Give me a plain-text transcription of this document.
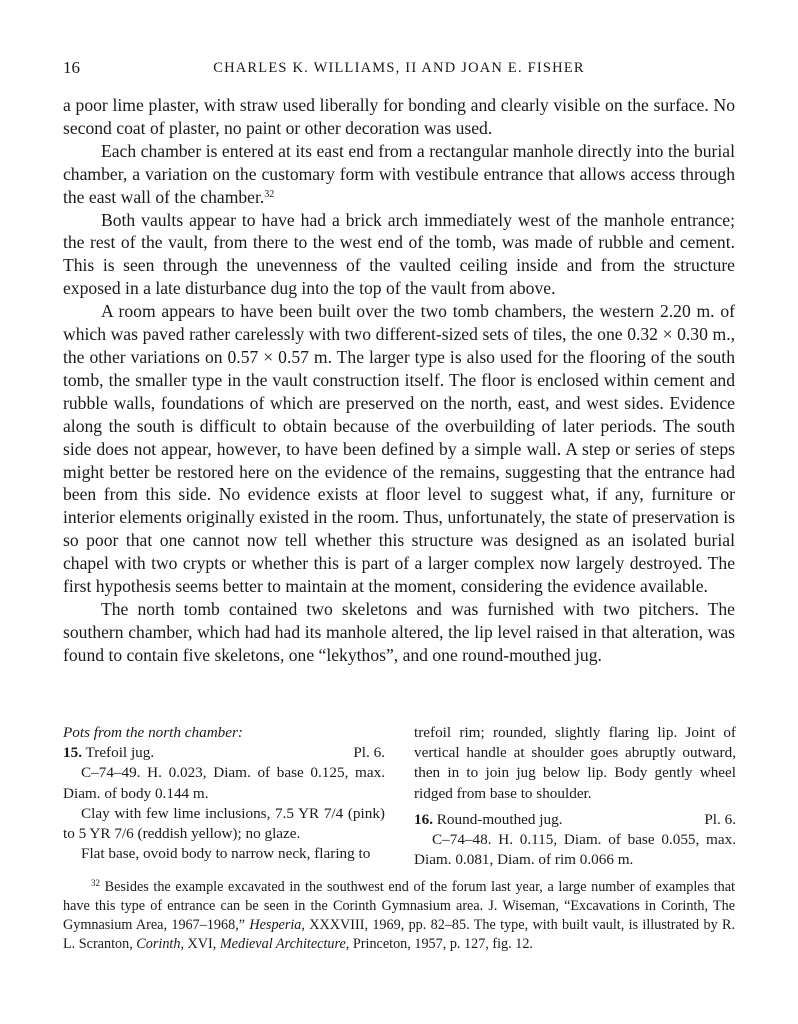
16	CHARLES K. WILLIAMS, II AND JOAN E. FISHER

a poor lime plaster, with straw used liberally for bonding and clearly visible on the surface. No second coat of plaster, no paint or other decoration was used.

Each chamber is entered at its east end from a rectangular manhole directly into the burial chamber, a variation on the customary form with vestibule entrance that allows access through the east wall of the chamber.$^{32}$

Both vaults appear to have had a brick arch immediately west of the manhole entrance; the rest of the vault, from there to the west end of the tomb, was made of rubble and cement. This is seen through the unevenness of the vaulted ceiling inside and from the structure exposed in a late disturbance dug into the top of the vault from above.

A room appears to have been built over the two tomb chambers, the western 2.20 m. of which was paved rather carelessly with two different-sized sets of tiles, the one 0.32 × 0.30 m., the other variations on 0.57 × 0.57 m. The larger type is also used for the flooring of the south tomb, the smaller type in the vault construction itself. The floor is enclosed within cement and rubble walls, foundations of which are preserved on the north, east, and west sides. Evidence along the south is difficult to obtain because of the overbuilding of later periods. The south side does not appear, however, to have been defined by a simple wall. A step or series of steps might better be restored here on the evidence of the remains, suggesting that the entrance had been from this side. No evidence exists at floor level to suggest what, if any, furniture or interior elements originally existed in the room. Thus, unfortunately, the state of preservation is so poor that one cannot now tell whether this structure was designed as an isolated burial chapel with two crypts or whether this is part of a larger complex now largely destroyed. The first hypothesis seems better to maintain at the moment, considering the evidence available.

The north tomb contained two skeletons and was furnished with two pitchers. The southern chamber, which had had its manhole altered, the lip level raised in that alteration, was found to contain five skeletons, one “lekythos”, and one round-mouthed jug.

Pots from the north chamber:

15. Trefoil jug.	Pl. 6.

C–74–49. H. 0.023, Diam. of base 0.125, max. Diam. of body 0.144 m.

Clay with few lime inclusions, 7.5 YR 7/4 (pink) to 5 YR 7/6 (reddish yellow); no glaze.

Flat base, ovoid body to narrow neck, flaring to

trefoil rim; rounded, slightly flaring lip. Joint of vertical handle at shoulder goes abruptly outward, then in to join jug below lip. Body gently wheel ridged from base to shoulder.

16. Round-mouthed jug.	Pl. 6.

C–74–48. H. 0.115, Diam. of base 0.055, max. Diam. 0.081, Diam. of rim 0.066 m.

$^{32}$ Besides the example excavated in the southwest end of the forum last year, a large number of examples that have this type of entrance can be seen in the Corinth Gymnasium area. J. Wiseman, “Excavations in Corinth, The Gymnasium Area, 1967–1968,” Hesperia, XXXVIII, 1969, pp. 82–85. The type, with built vault, is illustrated by R. L. Scranton, Corinth, XVI, Medieval Architecture, Princeton, 1957, p. 127, fig. 12.
